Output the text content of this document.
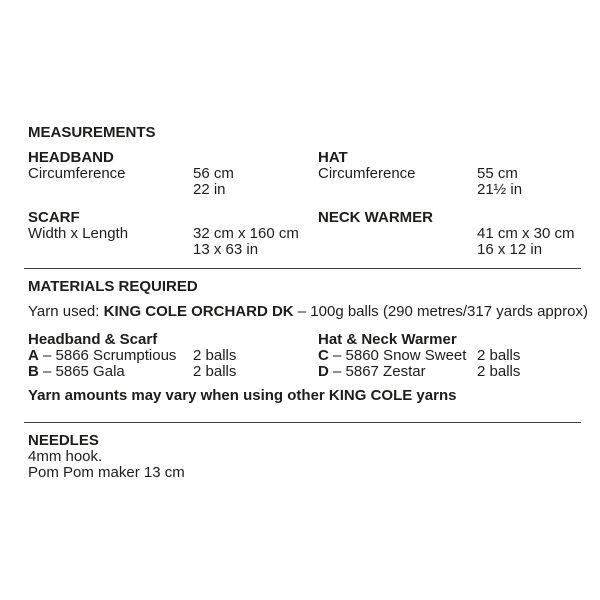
MEASUREMENTS
HEADBAND
Circumference	56 cm
22 in
HAT
Circumference	55 cm
21½ in
SCARF
Width x Length	32 cm x 160 cm
13 x 63 in
NECK WARMER
41 cm x 30 cm
16 x 12 in
MATERIALS REQUIRED
Yarn used: KING COLE ORCHARD DK – 100g balls (290 metres/317 yards approx)
Headband & Scarf
A – 5866 Scrumptious 2 balls
B – 5865 Gala	2 balls
Hat & Neck Warmer
C – 5860 Snow Sweet 2 balls
D – 5867 Zestar	2 balls
Yarn amounts may vary when using other KING COLE yarns
NEEDLES
4mm hook.
Pom Pom maker 13 cm
